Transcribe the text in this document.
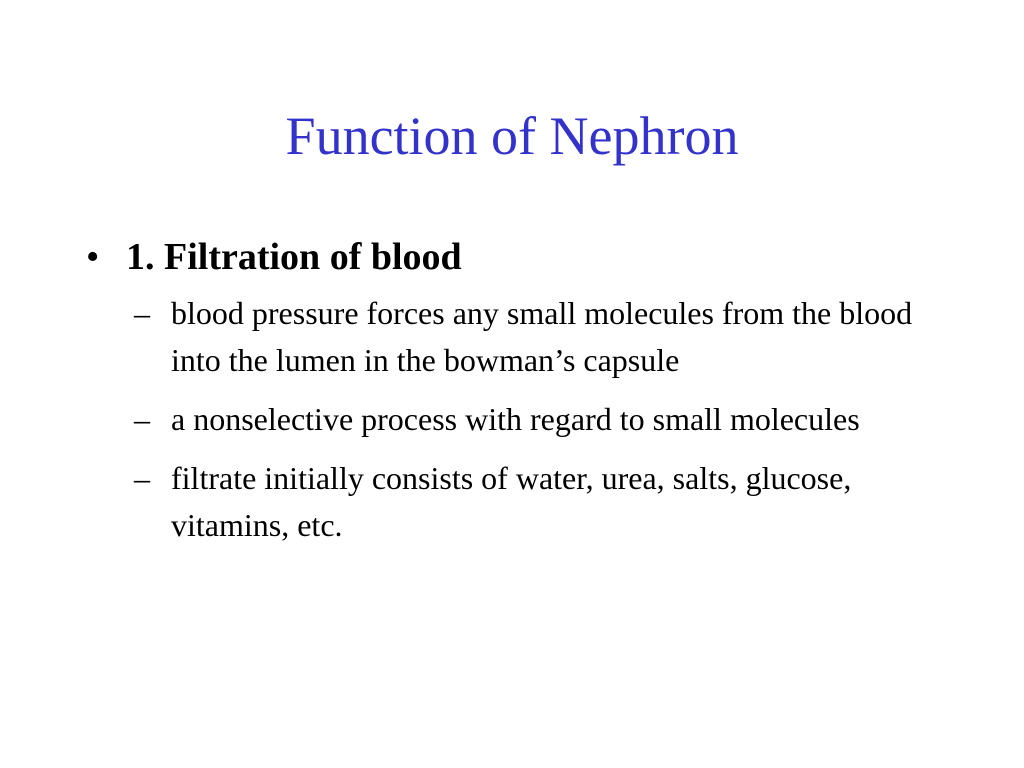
Function of Nephron
• 1. Filtration of blood
– blood pressure forces any small molecules from the blood into the lumen in the bowman’s capsule
– a nonselective process with regard to small molecules
– filtrate initially consists of water, urea, salts, glucose, vitamins, etc.
